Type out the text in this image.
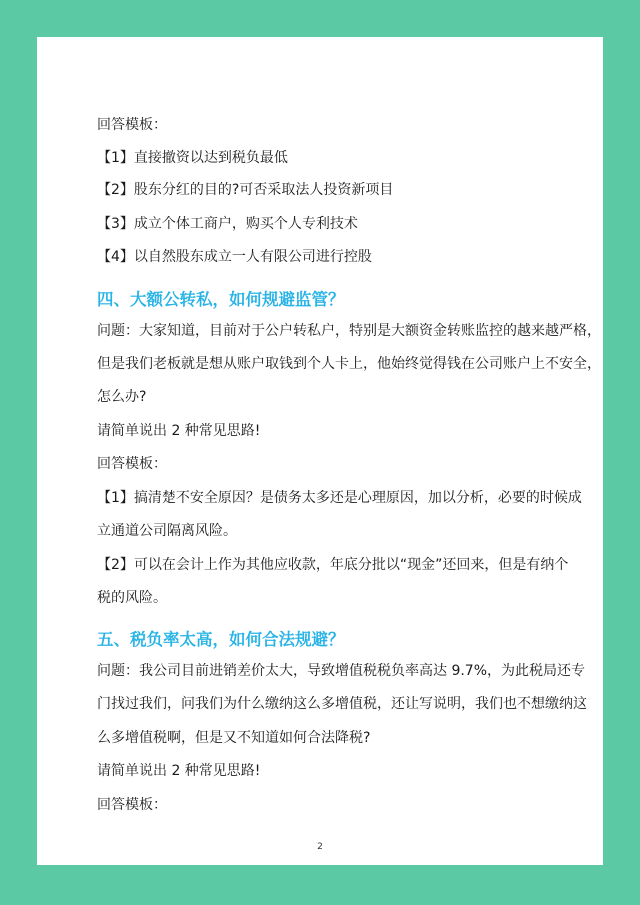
回答模板：
【1】直接撤资以达到税负最低
【2】股东分红的目的?可否采取法人投资新项目
【3】成立个体工商户，购买个人专利技术
【4】以自然股东成立一人有限公司进行控股
四、大额公转私，如何规避监管？
问题：大家知道，目前对于公户转私户，特别是大额资金转账监控的越来越严格，
但是我们老板就是想从账户取钱到个人卡上，他始终觉得钱在公司账户上不安全，
怎么办?
请简单说出 2 种常见思路!
回答模板：
【1】搞清楚不安全原因？是债务太多还是心理原因，加以分析，必要的时候成
立通道公司隔离风险。
【2】可以在会计上作为其他应收款，年底分批以“现金”还回来，但是有纳个
税的风险。
五、税负率太高，如何合法规避？
问题：我公司目前进销差价太大，导致增值税税负率高达 9.7%，为此税局还专
门找过我们，问我们为什么缴纳这么多增值税，还让写说明，我们也不想缴纳这
么多增值税啊，但是又不知道如何合法降税?
请简单说出 2 种常见思路!
回答模板：
2
